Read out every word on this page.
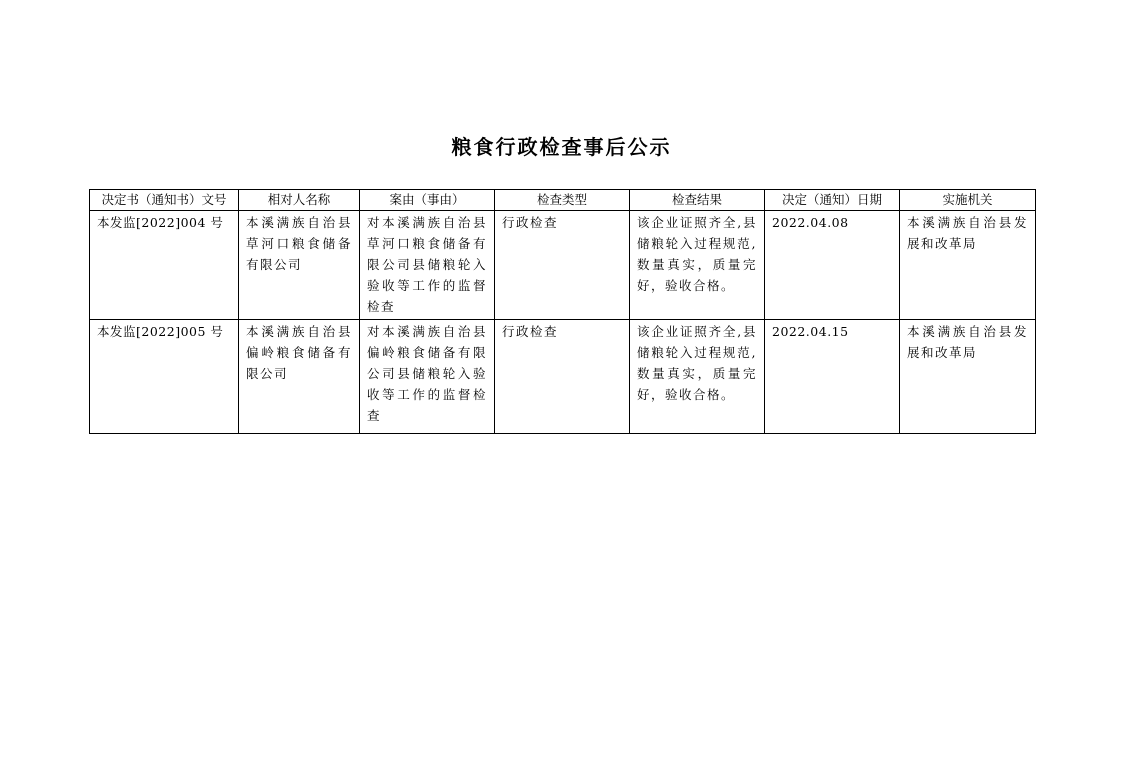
粮食行政检查事后公示
决定书（通知书）文号	相对人名称	案由（事由）	检查类型	检查结果	决定（通知）日期	实施机关
本发监[2022]004 号	本溪满族自治县草河口粮食储备有限公司	对本溪满族自治县草河口粮食储备有限公司县储粮轮入验收等工作的监督检查	行政检查	该企业证照齐全,县储粮轮入过程规范,数量真实，质量完好，验收合格。	2022.04.08	本溪满族自治县发展和改革局
本发监[2022]005 号	本溪满族自治县偏岭粮食储备有限公司	对本溪满族自治县偏岭粮食储备有限公司县储粮轮入验收等工作的监督检查	行政检查	该企业证照齐全,县储粮轮入过程规范,数量真实，质量完好，验收合格。	2022.04.15	本溪满族自治县发展和改革局
